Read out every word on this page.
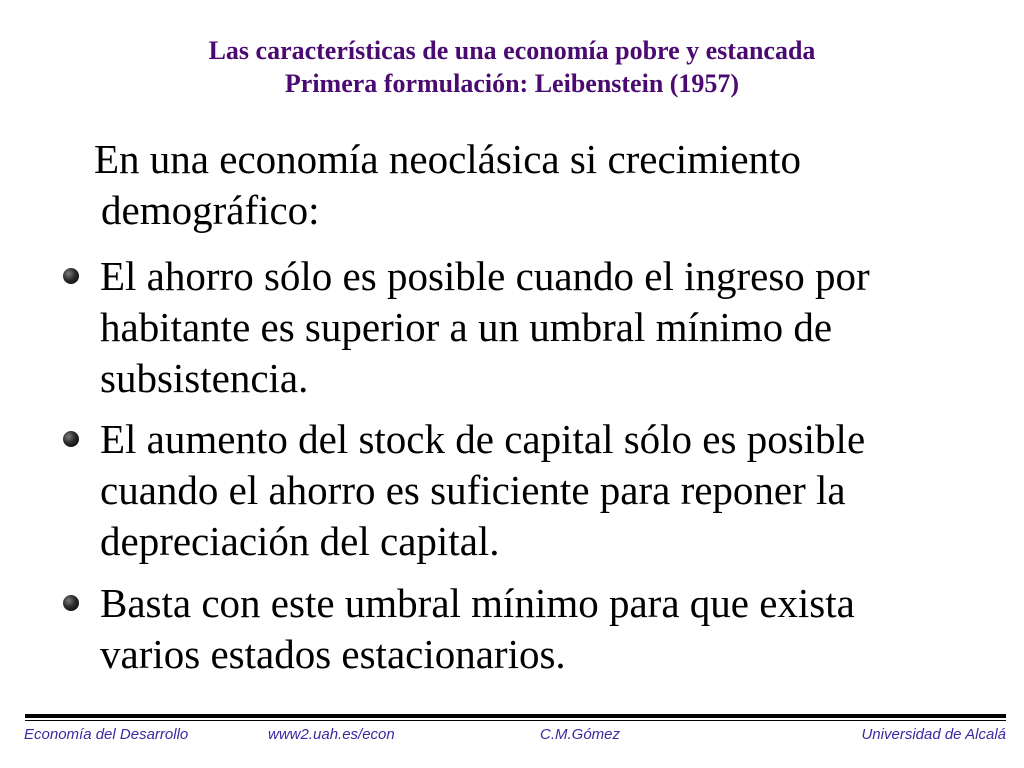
Las características de una economía pobre y estancada
Primera formulación: Leibenstein (1957)
En una economía neoclásica si crecimiento
demográfico:
El ahorro sólo es posible cuando el ingreso por
habitante es superior a un umbral mínimo de
subsistencia.
El aumento del stock de capital sólo es posible
cuando el ahorro es suficiente para reponer la
depreciación del capital.
Basta con este umbral mínimo para que exista
varios estados estacionarios.
Economía del Desarrollo	www2.uah.es/econ	C.M.Gómez	Universidad de Alcalá
